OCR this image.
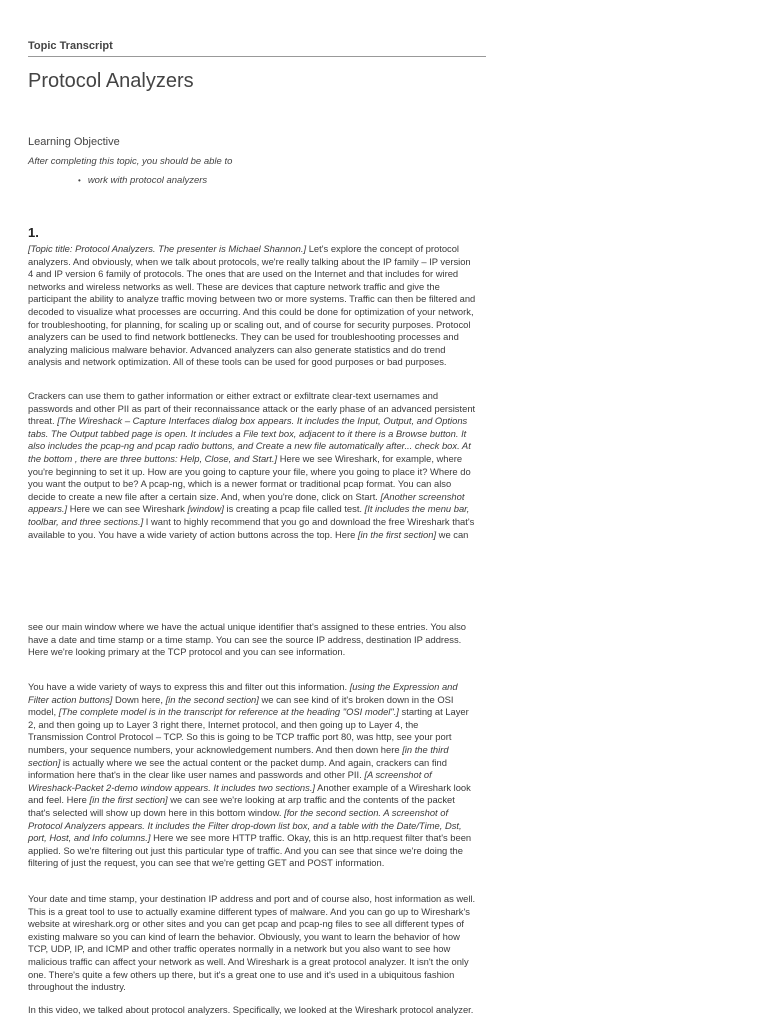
Topic Transcript
Protocol Analyzers
Learning Objective
After completing this topic, you should be able to
• work with protocol analyzers
1.

[Topic title: Protocol Analyzers. The presenter is Michael Shannon.] Let's explore the concept of protocol analyzers. And obviously, when we talk about protocols, we're really talking about the IP family – IP version 4 and IP version 6 family of protocols. The ones that are used on the Internet and that includes for wired networks and wireless networks as well. These are devices that capture network traffic and give the participant the ability to analyze traffic moving between two or more systems. Traffic can then be filtered and decoded to visualize what processes are occurring. And this could be done for optimization of your network, for troubleshooting, for planning, for scaling up or scaling out, and of course for security purposes. Protocol analyzers can be used to find network bottlenecks. They can be used for troubleshooting processes and analyzing malicious malware behavior. Advanced analyzers can also generate statistics and do trend analysis and network optimization. All of these tools can be used for good purposes or bad purposes.

Crackers can use them to gather information or either extract or exfiltrate clear-text usernames and passwords and other PII as part of their reconnaissance attack or the early phase of an advanced persistent threat. [The Wireshack – Capture Interfaces dialog box appears. It includes the Input, Output, and Options tabs. The Output tabbed page is open. It includes a File text box, adjacent to it there is a Browse button. It also includes the pcap-ng and pcap radio buttons, and Create a new file automatically after... check box. At the bottom , there are three buttons: Help, Close, and Start.] Here we see Wireshark, for example, where you're beginning to set it up. How are you going to capture your file, where you going to place it? Where do you want the output to be? A pcap-ng, which is a newer format or traditional pcap format. You can also decide to create a new file after a certain size. And, when you're done, click on Start. [Another screenshot appears.] Here we can see Wireshark [window] is creating a pcap file called test. [It includes the menu bar, toolbar, and three sections.] I want to highly recommend that you go and download the free Wireshark that's available to you. You have a wide variety of action buttons across the top. Here [in the first section] we can

see our main window where we have the actual unique identifier that's assigned to these entries. You also have a date and time stamp or a time stamp. You can see the source IP address, destination IP address. Here we're looking primary at the TCP protocol and you can see information.

You have a wide variety of ways to express this and filter out this information. [using the Expression and Filter action buttons] Down here, [in the second section] we can see kind of it's broken down in the OSI model, [The complete model is in the transcript for reference at the heading "OSI model".] starting at Layer 2, and then going up to Layer 3 right there, Internet protocol, and then going up to Layer 4, the Transmission Control Protocol – TCP. So this is going to be TCP traffic port 80, was http, see your port numbers, your sequence numbers, your acknowledgement numbers. And then down here [in the third section] is actually where we see the actual content or the packet dump. And again, crackers can find information here that's in the clear like user names and passwords and other PII. [A screenshot of Wireshack-Packet 2-demo window appears. It includes two sections.] Another example of a Wireshark look and feel. Here [in the first section] we can see we're looking at arp traffic and the contents of the packet that's selected will show up down here in this bottom window. [for the second section. A screenshot of Protocol Analyzers appears. It includes the Filter drop-down list box, and a table with the Date/Time, Dst, port, Host, and Info columns.] Here we see more HTTP traffic. Okay, this is an http.request filter that's been applied. So we're filtering out just this particular type of traffic. And you can see that since we're doing the filtering of just the request, you can see that we're getting GET and POST information.

Your date and time stamp, your destination IP address and port and of course also, host information as well. This is a great tool to use to actually examine different types of malware. And you can go up to Wireshark's website at wireshark.org or other sites and you can get pcap and pcap-ng files to see all different types of existing malware so you can kind of learn the behavior. Obviously, you want to learn the behavior of how TCP, UDP, IP, and ICMP and other traffic operates normally in a network but you also want to see how malicious traffic can affect your network as well. And Wireshark is a great protocol analyzer. It isn't the only one. There's quite a few others up there, but it's a great one to use and it's used in a ubiquitous fashion throughout the industry.

In this video, we talked about protocol analyzers. Specifically, we looked at the Wireshark protocol analyzer.
